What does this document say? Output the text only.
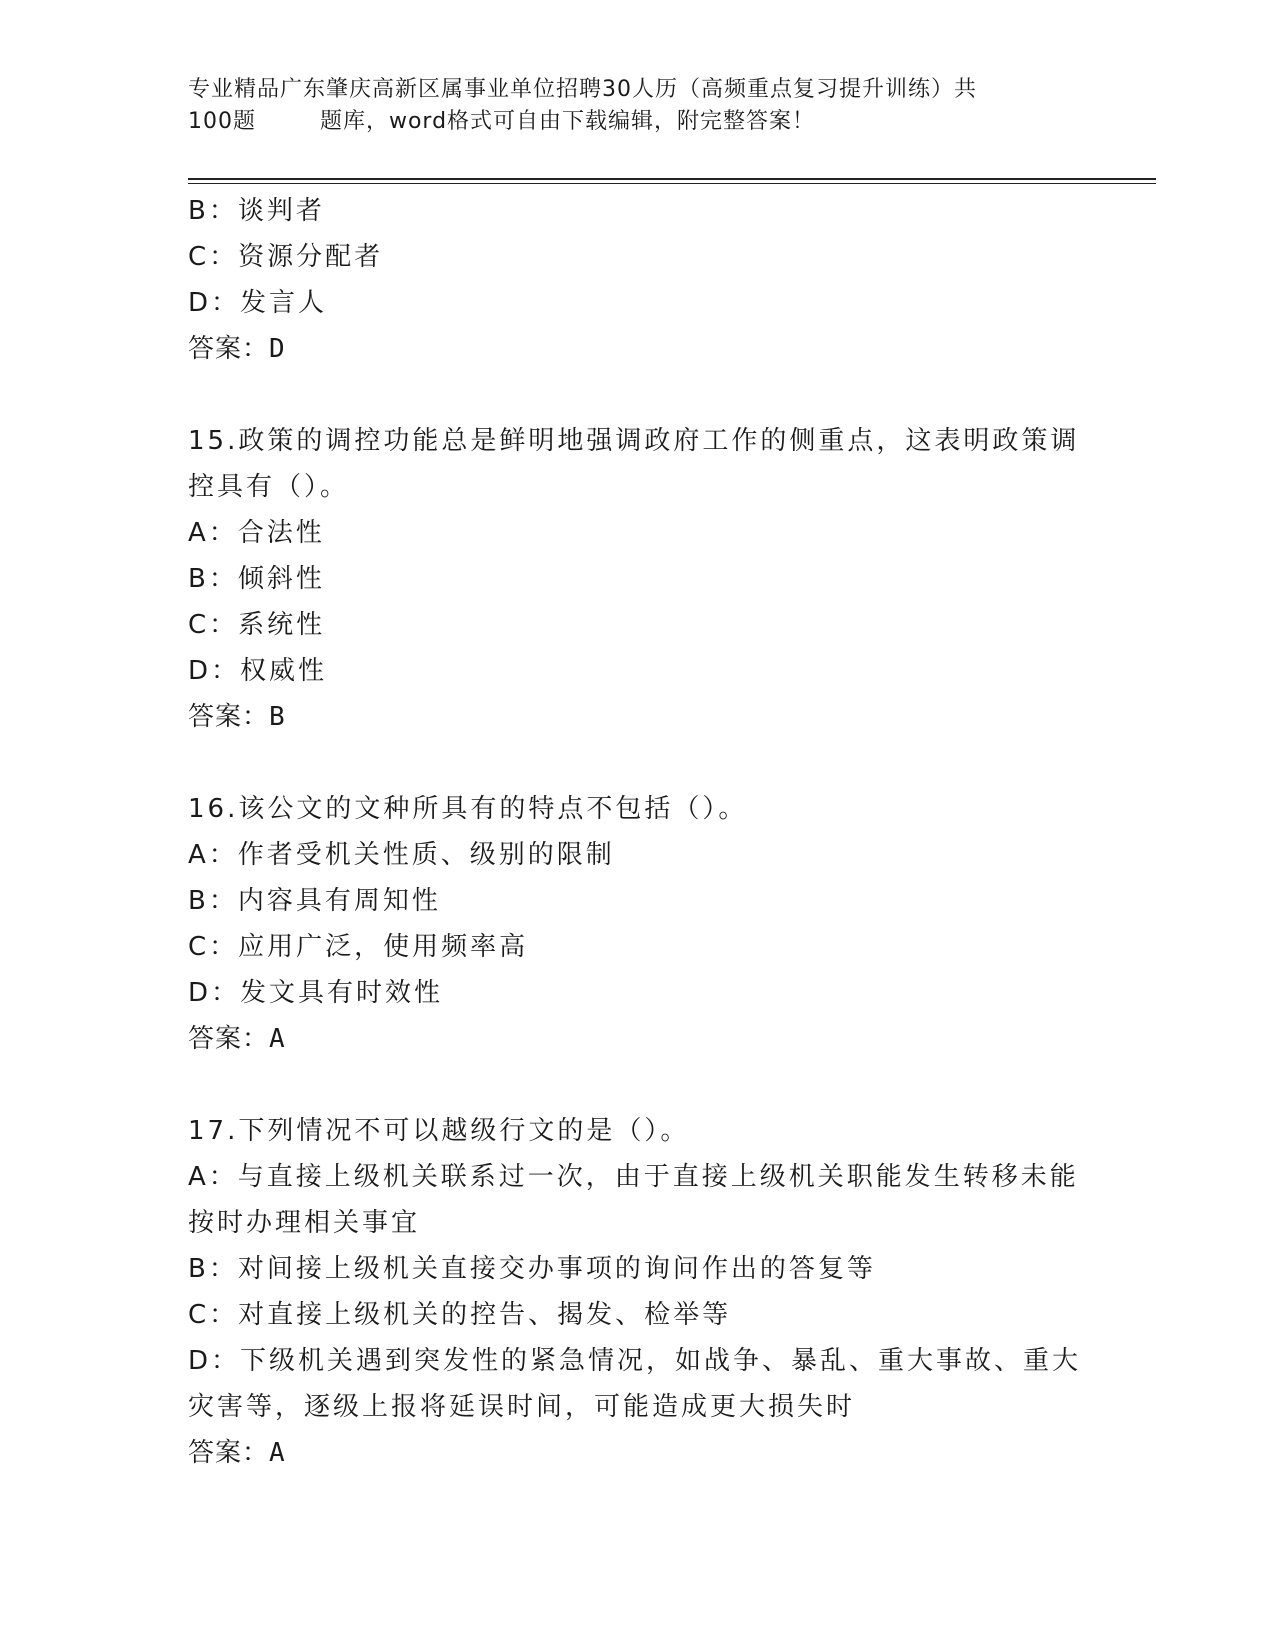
专业精品广东肇庆高新区属事业单位招聘30人历（高频重点复习提升训练）共
100题	题库，word格式可自由下载编辑，附完整答案！
B：谈判者
C：资源分配者
D：发言人
答案：D
15.政策的调控功能总是鲜明地强调政府工作的侧重点，这表明政策调
控具有（）。
A：合法性
B：倾斜性
C：系统性
D：权威性
答案：B
16.该公文的文种所具有的特点不包括（）。
A：作者受机关性质、级别的限制
B：内容具有周知性
C：应用广泛，使用频率高
D：发文具有时效性
答案：A
17.下列情况不可以越级行文的是（）。
A：与直接上级机关联系过一次，由于直接上级机关职能发生转移未能
按时办理相关事宜
B：对间接上级机关直接交办事项的询问作出的答复等
C：对直接上级机关的控告、揭发、检举等
D：下级机关遇到突发性的紧急情况，如战争、暴乱、重大事故、重大
灾害等，逐级上报将延误时间，可能造成更大损失时
答案：A
